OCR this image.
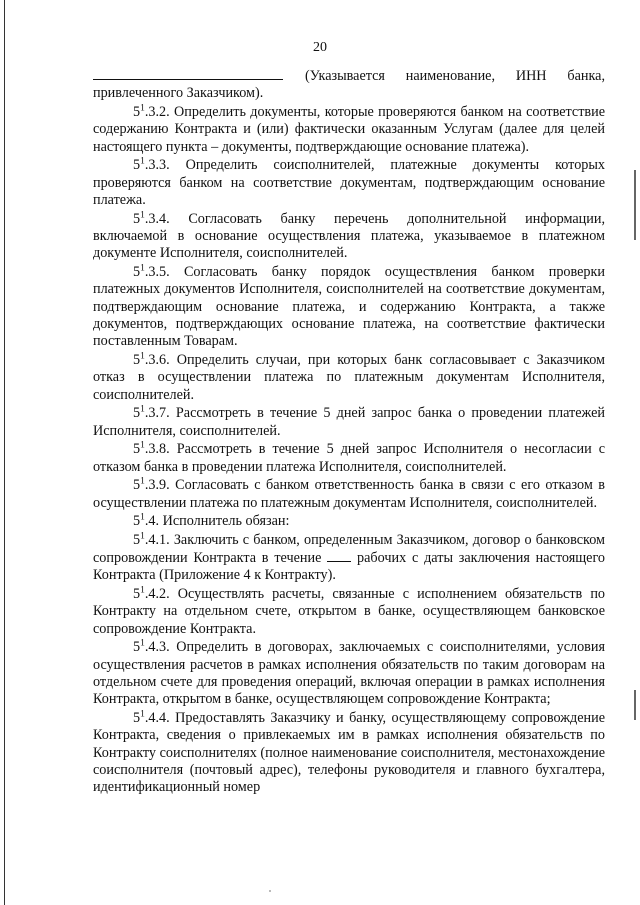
20

(Указывается наименование, ИНН банка, привлеченного Заказчиком).

$5^1.3.2$. Определить документы, которые проверяются банком на соответствие содержанию Контракта и (или) фактически оказанным Услугам (далее для целей настоящего пункта – документы, подтверждающие основание платежа).

$5^1.3.3$. Определить соисполнителей, платежные документы которых проверяются банком на соответствие документам, подтверждающим основание платежа.

$5^1.3.4$. Согласовать банку перечень дополнительной информации, включаемой в основание осуществления платежа, указываемое в платежном документе Исполнителя, соисполнителей.

$5^1.3.5$. Согласовать банку порядок осуществления банком проверки платежных документов Исполнителя, соисполнителей на соответствие документам, подтверждающим основание платежа, и содержанию Контракта, а также документов, подтверждающих основание платежа, на соответствие фактически поставленным Товарам.

$5^1.3.6$. Определить случаи, при которых банк согласовывает с Заказчиком отказ в осуществлении платежа по платежным документам Исполнителя, соисполнителей.

$5^1.3.7$. Рассмотреть в течение 5 дней запрос банка о проведении платежей Исполнителя, соисполнителей.

$5^1.3.8$. Рассмотреть в течение 5 дней запрос Исполнителя о несогласии с отказом банка в проведении платежа Исполнителя, соисполнителей.

$5^1.3.9$. Согласовать с банком ответственность банка в связи с его отказом в осуществлении платежа по платежным документам Исполнителя, соисполнителей.

$5^1.4$. Исполнитель обязан:

$5^1.4.1$. Заключить с банком, определенным Заказчиком, договор о банковском сопровождении Контракта в течение	рабочих с даты заключения настоящего Контракта (Приложение 4 к Контракту).

$5^1.4.2$. Осуществлять расчеты, связанные с исполнением обязательств по Контракту на отдельном счете, открытом в банке, осуществляющем банковское сопровождение Контракта.

$5^1.4.3$. Определить в договорах, заключаемых с соисполнителями, условия осуществления расчетов в рамках исполнения обязательств по таким договорам на отдельном счете для проведения операций, включая операции в рамках исполнения Контракта, открытом в банке, осуществляющем сопровождение Контракта;

$5^1.4.4$. Предоставлять Заказчику и банку, осуществляющему сопровождение Контракта, сведения о привлекаемых им в рамках исполнения обязательств по Контракту соисполнителях (полное наименование соисполнителя, местонахождение соисполнителя (почтовый адрес), телефоны руководителя и главного бухгалтера, идентификационный номер
